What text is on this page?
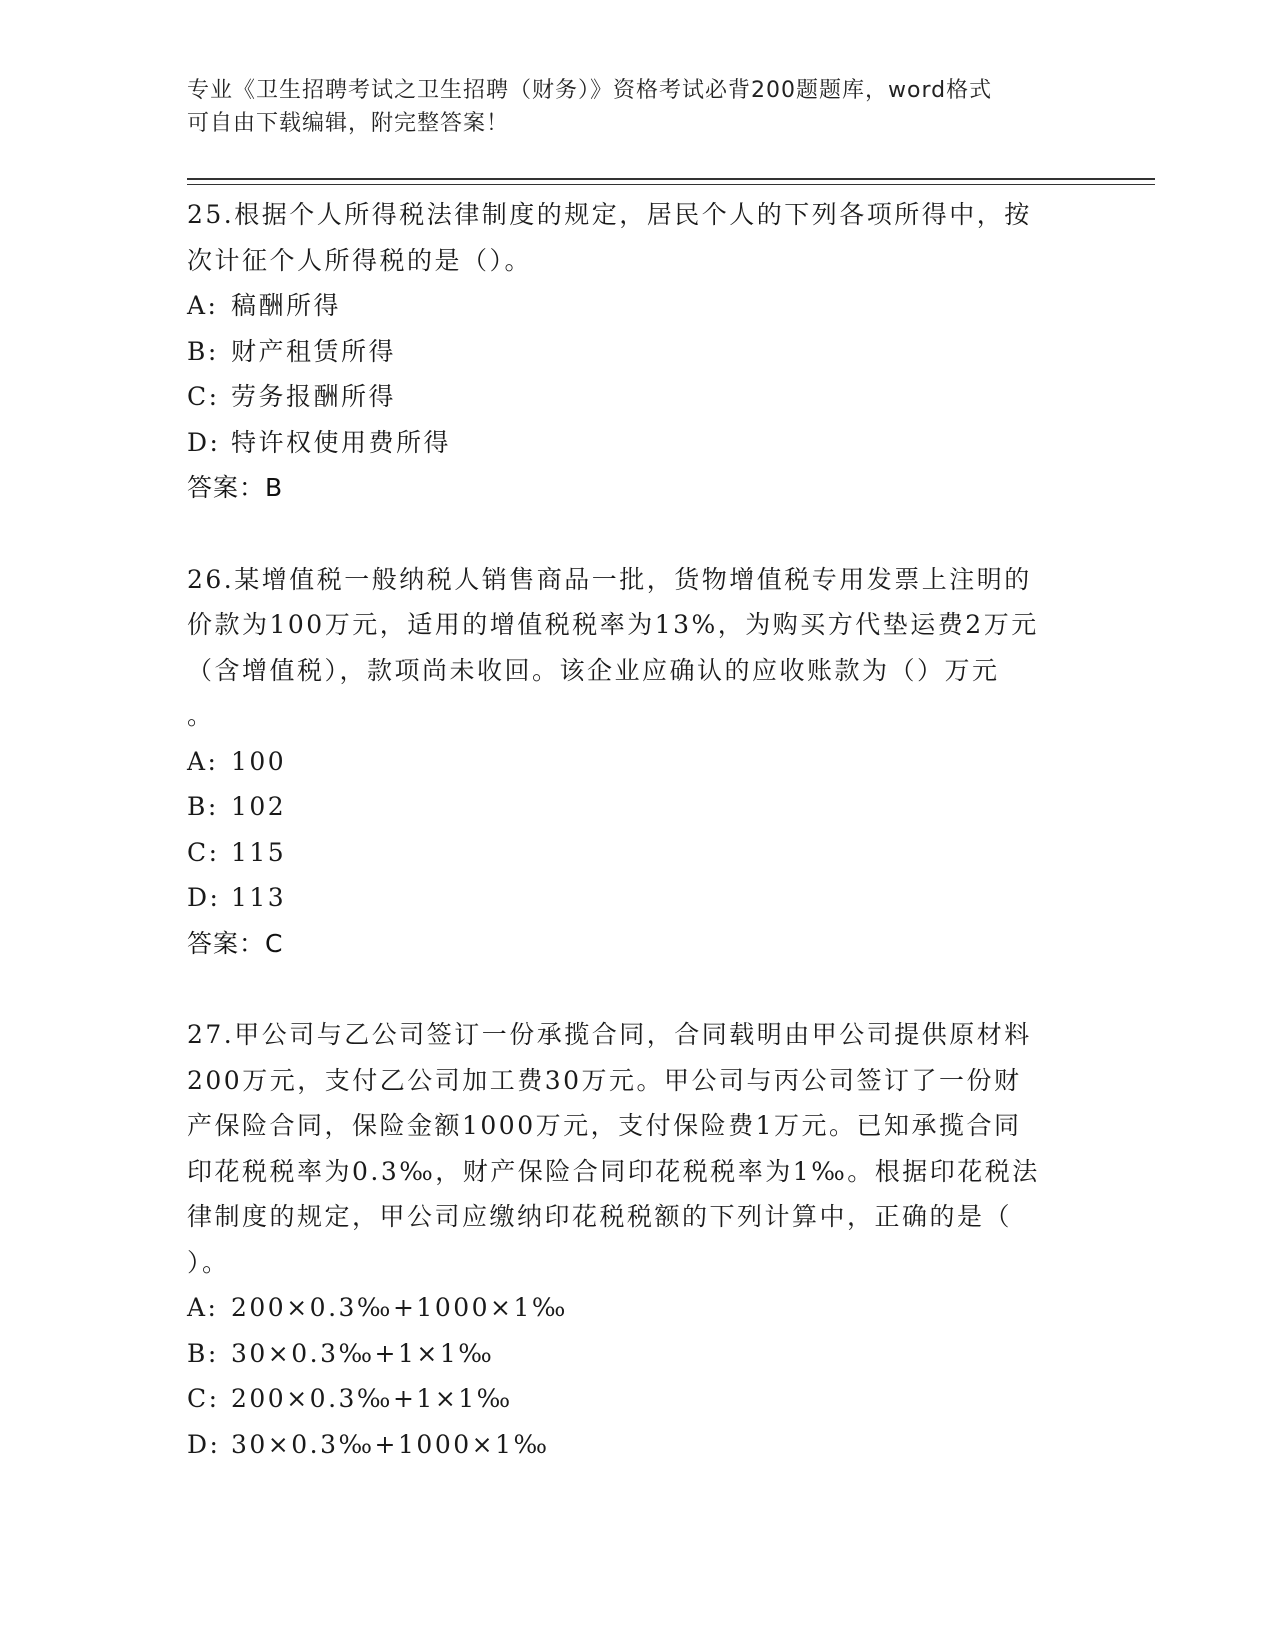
专业《卫生招聘考试之卫生招聘（财务）》资格考试必背200题题库，word格式
可自由下载编辑，附完整答案！
25.根据个人所得税法律制度的规定，居民个人的下列各项所得中，按
次计征个人所得税的是（）。
A: 稿酬所得
B: 财产租赁所得
C: 劳务报酬所得
D: 特许权使用费所得
答案：B
26.某增值税一般纳税人销售商品一批，货物增值税专用发票上注明的
价款为100万元，适用的增值税税率为13%，为购买方代垫运费2万元
（含增值税），款项尚未收回。该企业应确认的应收账款为（）万元
。
A: 100
B: 102
C: 115
D: 113
答案：C
27.甲公司与乙公司签订一份承揽合同，合同载明由甲公司提供原材料
200万元，支付乙公司加工费30万元。甲公司与丙公司签订了一份财
产保险合同，保险金额1000万元，支付保险费1万元。已知承揽合同
印花税税率为0.3‰，财产保险合同印花税税率为1‰。根据印花税法
律制度的规定，甲公司应缴纳印花税税额的下列计算中，正确的是（
）。
A: 200×0.3‰+1000×1‰
B: 30×0.3‰+1×1‰
C: 200×0.3‰+1×1‰
D: 30×0.3‰+1000×1‰
